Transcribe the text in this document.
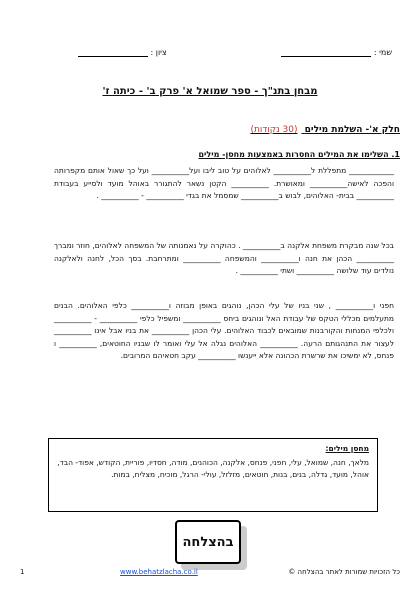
שמי :
ציון :
מבחן בתנ"ך - ספר שמואל א' פרק ב' - כיתה ז'
חלק א'- השלמת מילים (30 נקודות)
1. השלימו את המילים החסרות באמצעות מחסן- מילים
____________ מתפללת ל__________ לאלוהים על טוב ליבו ועל__________ ועל כך שאול אותם מקפרותה והפכה לאישה__________ ומאושרת. __________ הקטן נשאר להתגורר באוהל מועד ולסייע בעבודת __________ בבית- האלוהים, לבוש ב__________ שמסמל את בגדי __________ - __________ .
בכל שנה מבקרת משפחת אלקנה ב__________ . כהוקרה על נאמנותה של המשפחה לאלוהים, חוזר ומברך __________ הכהן את חנה ו__________ והמשפחה __________ ומתרחבת. בסך הכל, לחנה ולאלקנה נולדים עוד שלושה __________ ושתי __________ .
חפני ו__________ , שני בניו של עלי הכהן, נוהגים באופן מבוזה ו__________ כלפי האלוהים. הבנים מתעלמים מכללי הטקס של עבודת האל ונוהגים ביחס __________ ומשפיל כלפי __________ - __________ ולכלפי המנחות והקורבנות שמובאים לכבוד האלוהים. עלי הכהן __________ את בניו אבל אינו __________ לעצור את התנהגותם הרעה. __________ האלוהים נגלה אל עלי ואומר לו שבניו החוטאים, __________ ו פנחס, לא ימשיכו את שרשרת הכהונה אלא ייענשו __________ עקב חטאיהם המרובים.
מחסן מילים:
מלאך, חנה, שמואל, עלי, חפני, פנחס, אלקנה, הכוהנים, מודה, חסדיו, פוריית, הקודש, אפוד- הבד, אוהל, מועד, גדלה, בנים, בנות, חוטאים, מזלזל, עולי- הרגל, מוכיח, מצליח, במות.
בהצלחה
1	www.behatzlacha.co.il	כל הזכויות שמורות לאתר בהצלחה ©
